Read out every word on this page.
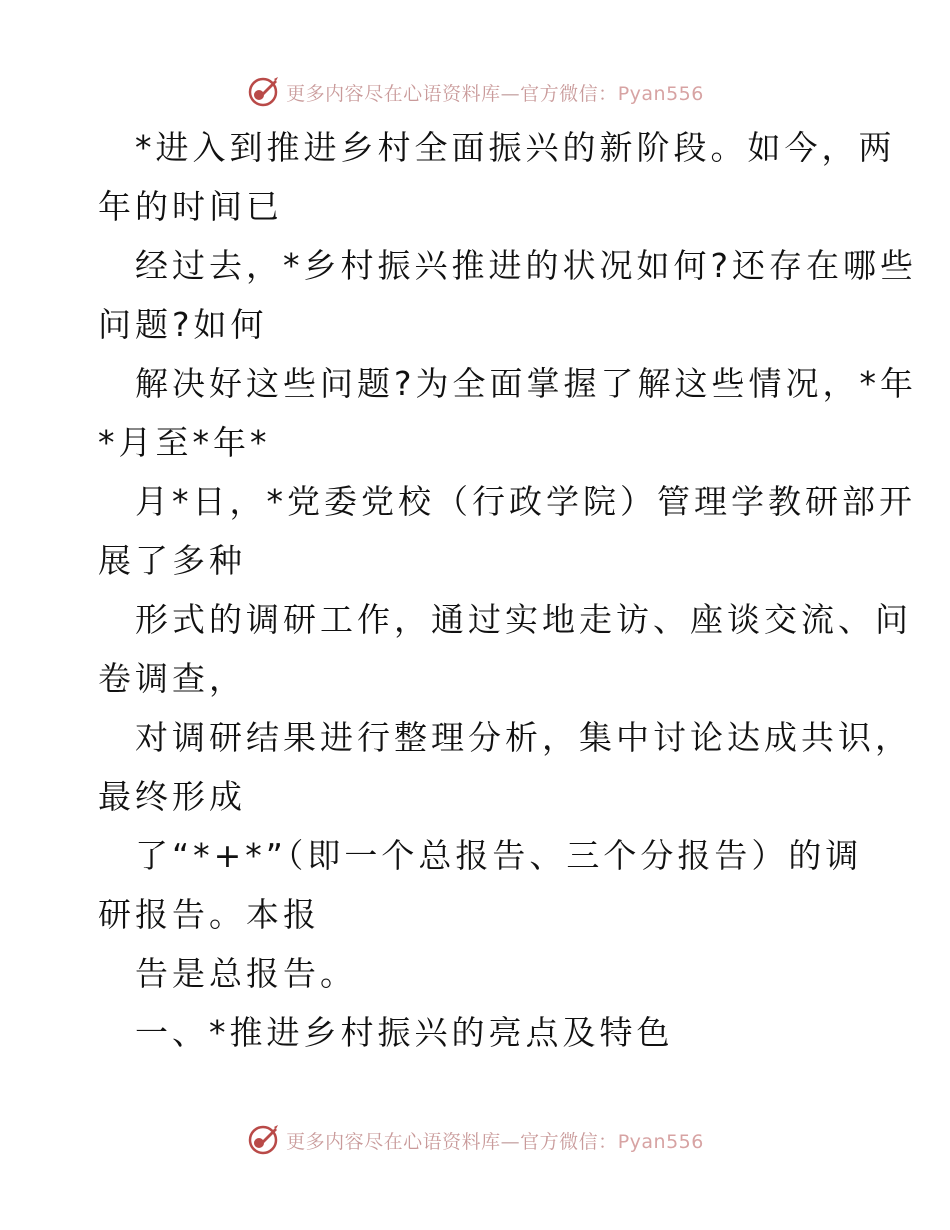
更多内容尽在心语资料库—官方微信：Pyan556

*进入到推进乡村全面振兴的新阶段。如今，两

年的时间已

经过去，*乡村振兴推进的状况如何?还存在哪些

问题?如何

解决好这些问题?为全面掌握了解这些情况，*年

*月至*年*

月*日，*党委党校（行政学院）管理学教研部开

展了多种

形式的调研工作，通过实地走访、座谈交流、问

卷调查，

对调研结果进行整理分析，集中讨论达成共识，

最终形成

了“*+*”（即一个总报告、三个分报告）的调

研报告。本报

告是总报告。

一、*推进乡村振兴的亮点及特色

更多内容尽在心语资料库—官方微信：Pyan556
